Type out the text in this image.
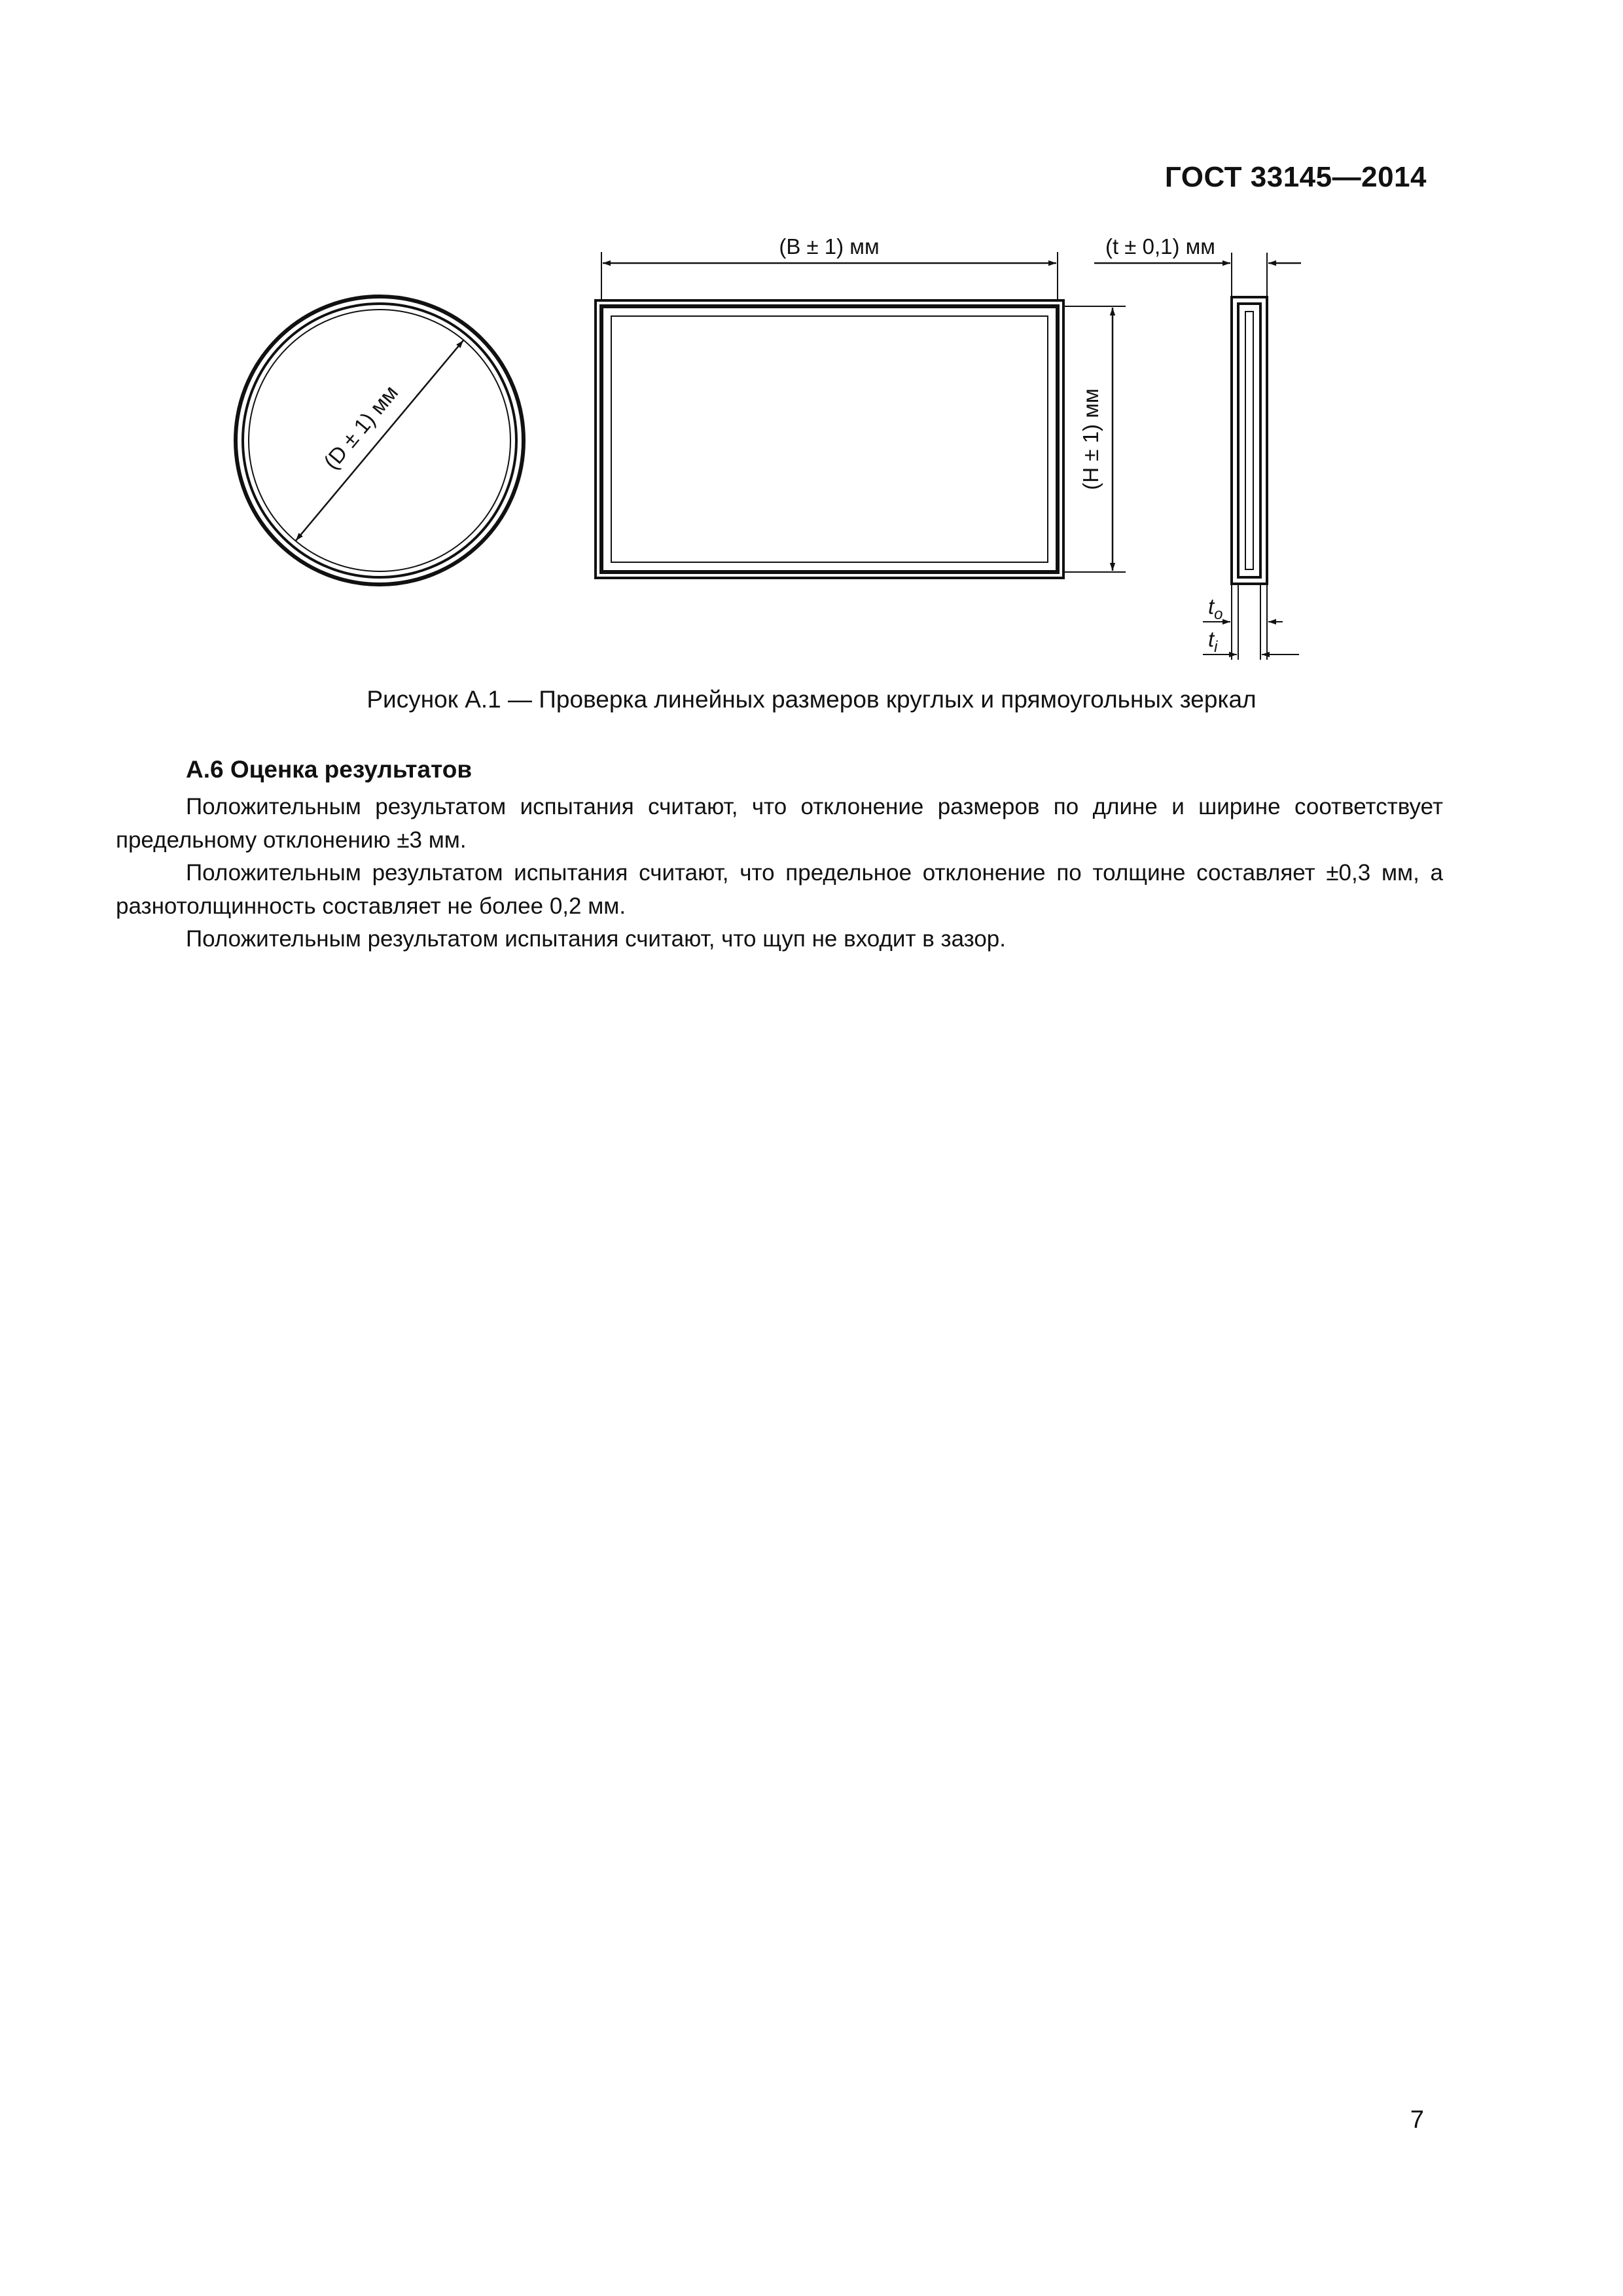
ГОСТ 33145—2014
(D ± 1) мм
(B ± 1) мм
(H ± 1) мм
(t ± 0,1) мм
$t_o$
$t_i$
Рисунок А.1 — Проверка линейных размеров круглых и прямоугольных зеркал
А.6 Оценка результатов
Положительным результатом испытания считают, что отклонение размеров по длине и ширине соответствует предельному отклонению ±3 мм.
Положительным результатом испытания считают, что предельное отклонение по толщине составляет ±0,3 мм, а разнотолщинность составляет не более 0,2 мм.
Положительным результатом испытания считают, что щуп не входит в зазор.
7
